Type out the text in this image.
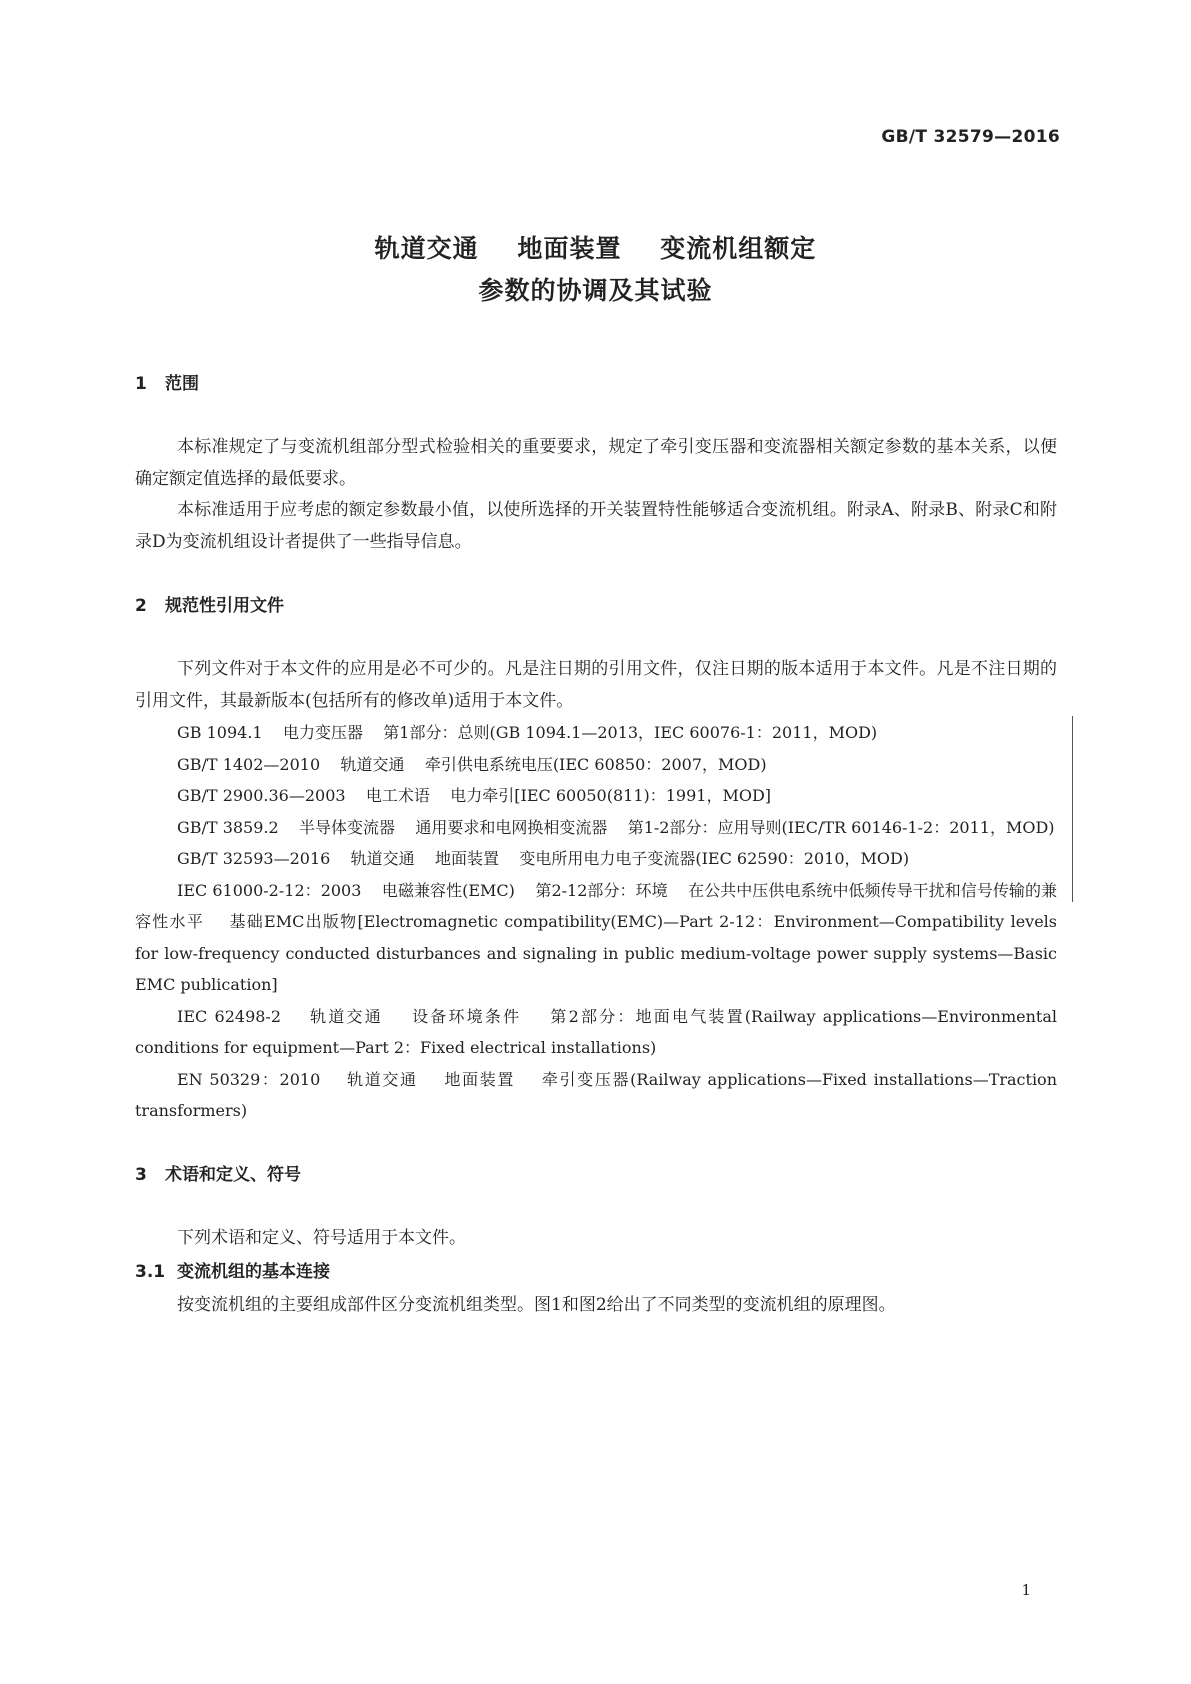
GB/T 32579—2016
轨道交通    地面装置    变流机组额定
参数的协调及其试验
1 范围

本标准规定了与变流机组部分型式检验相关的重要要求，规定了牵引变压器和变流器相关额定参数的基本关系，以便确定额定值选择的最低要求。

本标准适用于应考虑的额定参数最小值，以使所选择的开关装置特性能够适合变流机组。附录A、附录B、附录C和附录D为变流机组设计者提供了一些指导信息。

2 规范性引用文件

下列文件对于本文件的应用是必不可少的。凡是注日期的引用文件，仅注日期的版本适用于本文件。凡是不注日期的引用文件，其最新版本(包括所有的修改单)适用于本文件。

GB 1094.1    电力变压器    第1部分：总则(GB 1094.1—2013，IEC 60076-1：2011，MOD)

GB/T 1402—2010    轨道交通    牵引供电系统电压(IEC 60850：2007，MOD)

GB/T 2900.36—2003    电工术语    电力牵引[IEC 60050(811)：1991，MOD]

GB/T 3859.2    半导体变流器    通用要求和电网换相变流器    第1-2部分：应用导则(IEC/TR 60146-1-2：2011，MOD)

GB/T 32593—2016    轨道交通    地面装置    变电所用电力电子变流器(IEC 62590：2010，MOD)

IEC 61000-2-12：2003    电磁兼容性(EMC)    第2-12部分：环境    在公共中压供电系统中低频传导干扰和信号传输的兼容性水平    基础EMC出版物[Electromagnetic compatibility(EMC)—Part 2-12：Environment—Compatibility levels for low-frequency conducted disturbances and signaling in public medium-voltage power supply systems—Basic EMC publication]

IEC 62498-2    轨道交通    设备环境条件    第2部分：地面电气装置(Railway applications—Environmental conditions for equipment—Part 2：Fixed electrical installations)

EN 50329：2010    轨道交通    地面装置    牵引变压器(Railway applications—Fixed installations—Traction transformers)

3 术语和定义、符号

下列术语和定义、符号适用于本文件。

3.1 变流机组的基本连接

按变流机组的主要组成部件区分变流机组类型。图1和图2给出了不同类型的变流机组的原理图。

1
